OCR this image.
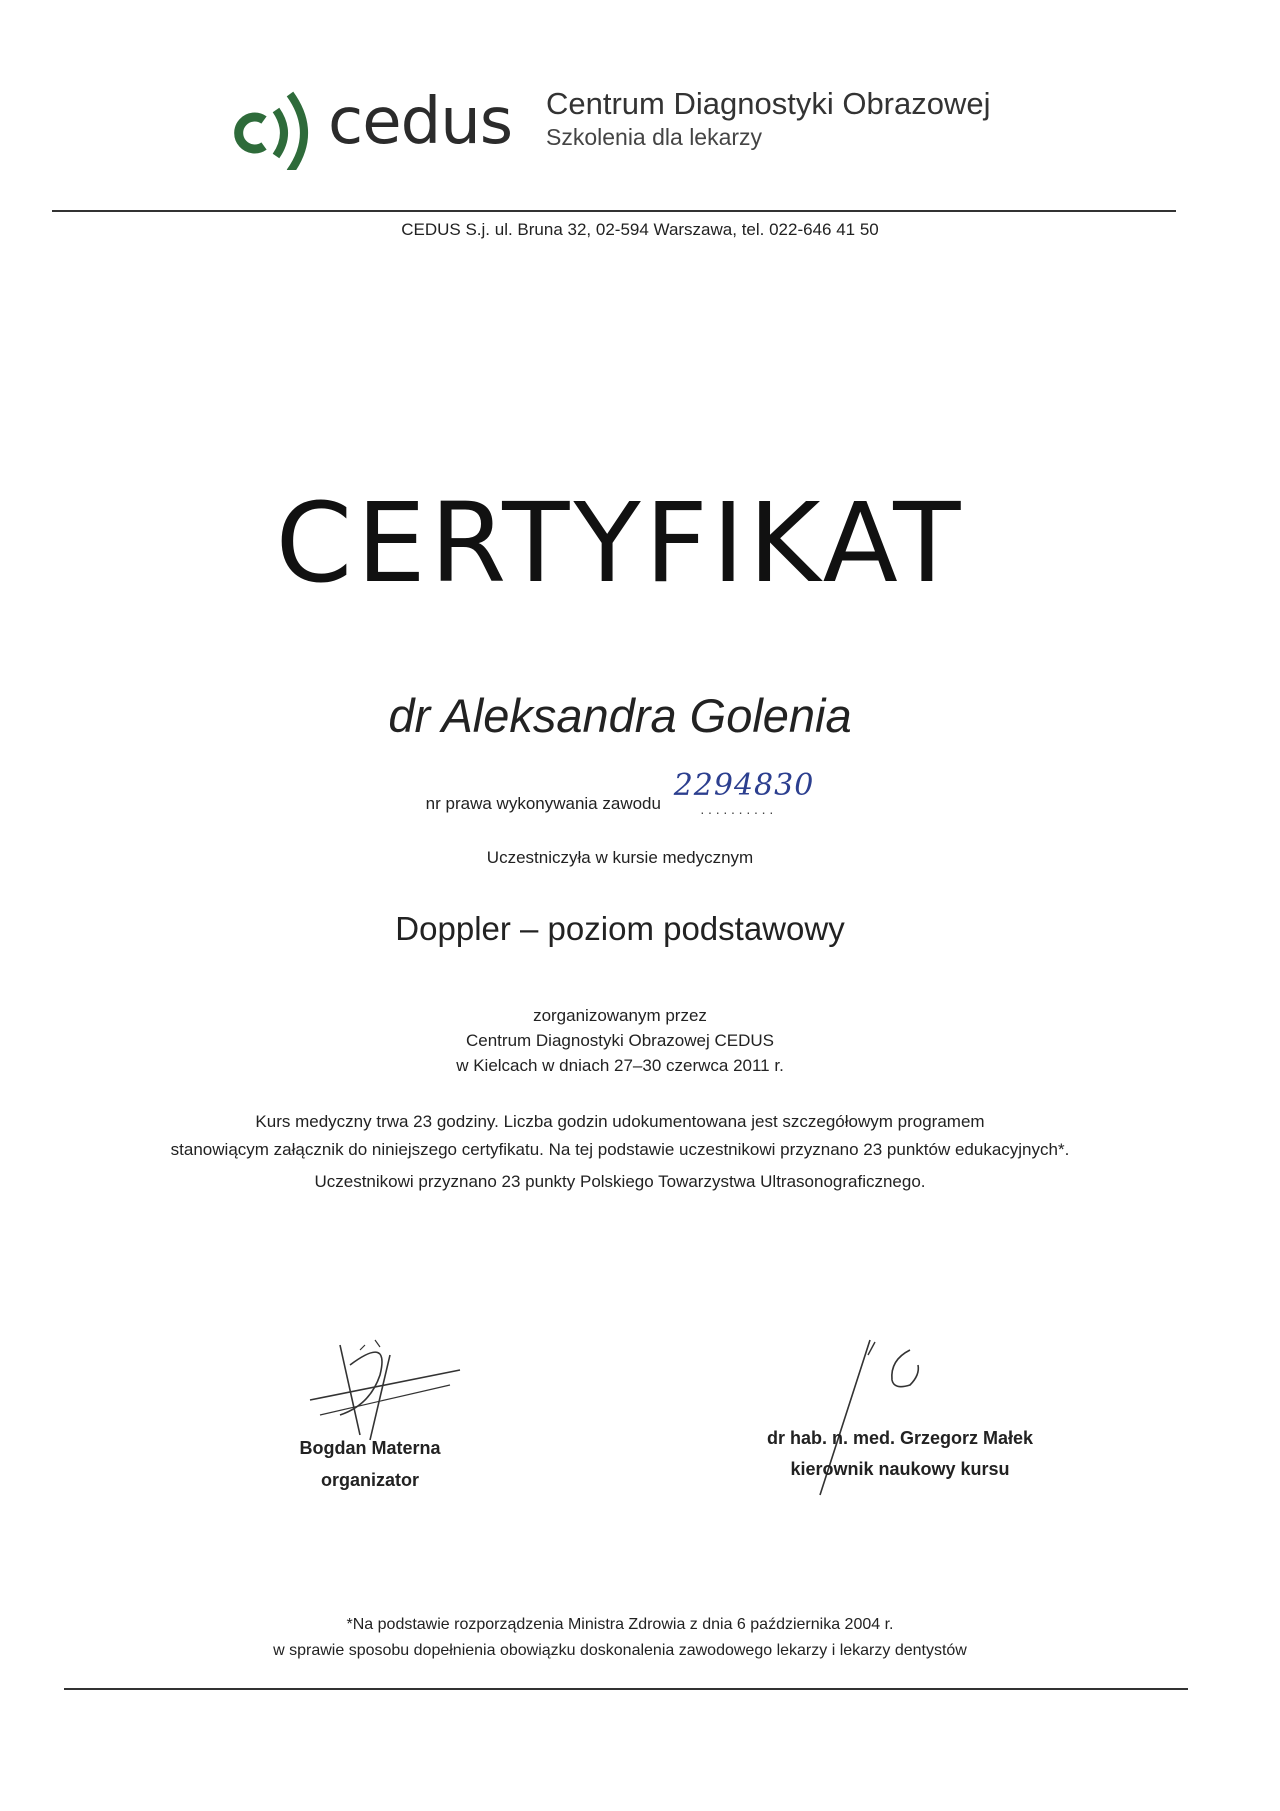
cedus Centrum Diagnostyki Obrazowej
Szkolenia dla lekarzy
CEDUS S.j. ul. Bruna 32, 02-594 Warszawa, tel. 022-646 41 50
CERTYFIKAT
dr Aleksandra Golenia
nr prawa wykonywania zawodu 2294830
··········
Uczestniczyła w kursie medycznym
Doppler – poziom podstawowy
zorganizowanym przez
Centrum Diagnostyki Obrazowej CEDUS
w Kielcach w dniach 27–30 czerwca 2011 r.
Kurs medyczny trwa 23 godziny. Liczba godzin udokumentowana jest szczegółowym programem
stanowiącym załącznik do niniejszego certyfikatu. Na tej podstawie uczestnikowi przyznano 23 punktów edukacyjnych*.
Uczestnikowi przyznano 23 punkty Polskiego Towarzystwa Ultrasonograficznego.
Bogdan Materna
organizator
dr hab. n. med. Grzegorz Małek
kierownik naukowy kursu
*Na podstawie rozporządzenia Ministra Zdrowia z dnia 6 października 2004 r.
w sprawie sposobu dopełnienia obowiązku doskonalenia zawodowego lekarzy i lekarzy dentystów
